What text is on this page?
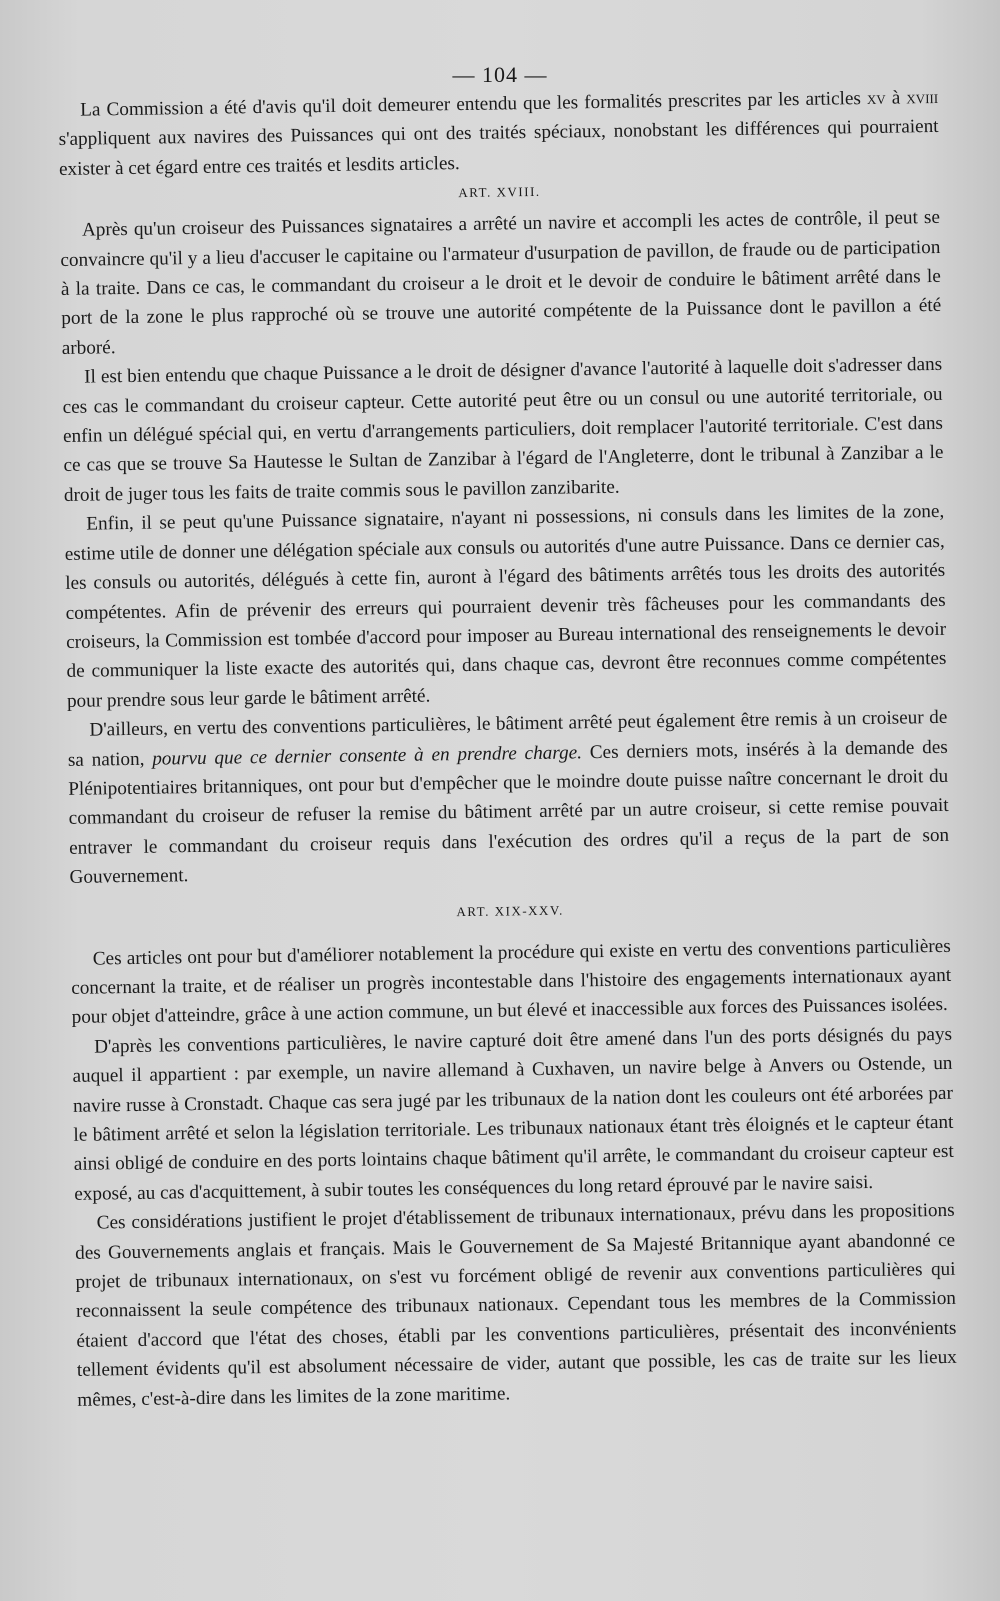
— 104 —

La Commission a été d'avis qu'il doit demeurer entendu que les formalités prescrites par les articles xv à xviii s'appliquent aux navires des Puissances qui ont des traités spéciaux, nonobstant les différences qui pourraient exister à cet égard entre ces traités et lesdits articles.

ART. XVIII.

Après qu'un croiseur des Puissances signataires a arrêté un navire et accompli les actes de contrôle, il peut se convaincre qu'il y a lieu d'accuser le capitaine ou l'armateur d'usurpation de pavillon, de fraude ou de participation à la traite. Dans ce cas, le commandant du croiseur a le droit et le devoir de conduire le bâtiment arrêté dans le port de la zone le plus rapproché où se trouve une autorité compétente de la Puissance dont le pavillon a été arboré.

Il est bien entendu que chaque Puissance a le droit de désigner d'avance l'autorité à laquelle doit s'adresser dans ces cas le commandant du croiseur capteur. Cette autorité peut être ou un consul ou une autorité territoriale, ou enfin un délégué spécial qui, en vertu d'arrangements particuliers, doit remplacer l'autorité territoriale. C'est dans ce cas que se trouve Sa Hautesse le Sultan de Zanzibar à l'égard de l'Angleterre, dont le tribunal à Zanzibar a le droit de juger tous les faits de traite commis sous le pavillon zanzibarite.

Enfin, il se peut qu'une Puissance signataire, n'ayant ni possessions, ni consuls dans les limites de la zone, estime utile de donner une délégation spéciale aux consuls ou autorités d'une autre Puissance. Dans ce dernier cas, les consuls ou autorités, délégués à cette fin, auront à l'égard des bâtiments arrêtés tous les droits des autorités compétentes. Afin de prévenir des erreurs qui pourraient devenir très fâcheuses pour les commandants des croiseurs, la Commission est tombée d'accord pour imposer au Bureau international des renseignements le devoir de communiquer la liste exacte des autorités qui, dans chaque cas, devront être reconnues comme compétentes pour prendre sous leur garde le bâtiment arrêté.

D'ailleurs, en vertu des conventions particulières, le bâtiment arrêté peut également être remis à un croiseur de sa nation, pourvu que ce dernier consente à en prendre charge. Ces derniers mots, insérés à la demande des Plénipotentiaires britanniques, ont pour but d'empêcher que le moindre doute puisse naître concernant le droit du commandant du croiseur de refuser la remise du bâtiment arrêté par un autre croiseur, si cette remise pouvait entraver le commandant du croiseur requis dans l'exécution des ordres qu'il a reçus de la part de son Gouvernement.

ART. XIX-XXV.

Ces articles ont pour but d'améliorer notablement la procédure qui existe en vertu des conventions particulières concernant la traite, et de réaliser un progrès incontestable dans l'histoire des engagements internationaux ayant pour objet d'atteindre, grâce à une action commune, un but élevé et inaccessible aux forces des Puissances isolées.

D'après les conventions particulières, le navire capturé doit être amené dans l'un des ports désignés du pays auquel il appartient : par exemple, un navire allemand à Cuxhaven, un navire belge à Anvers ou Ostende, un navire russe à Cronstadt. Chaque cas sera jugé par les tribunaux de la nation dont les couleurs ont été arborées par le bâtiment arrêté et selon la législation territoriale. Les tribunaux nationaux étant très éloignés et le capteur étant ainsi obligé de conduire en des ports lointains chaque bâtiment qu'il arrête, le commandant du croiseur capteur est exposé, au cas d'acquittement, à subir toutes les conséquences du long retard éprouvé par le navire saisi.

Ces considérations justifient le projet d'établissement de tribunaux internationaux, prévu dans les propositions des Gouvernements anglais et français. Mais le Gouvernement de Sa Majesté Britannique ayant abandonné ce projet de tribunaux internationaux, on s'est vu forcément obligé de revenir aux conventions particulières qui reconnaissent la seule compétence des tribunaux nationaux. Cependant tous les membres de la Commission étaient d'accord que l'état des choses, établi par les conventions particulières, présentait des inconvénients tellement évidents qu'il est absolument nécessaire de vider, autant que possible, les cas de traite sur les lieux mêmes, c'est-à-dire dans les limites de la zone maritime.
